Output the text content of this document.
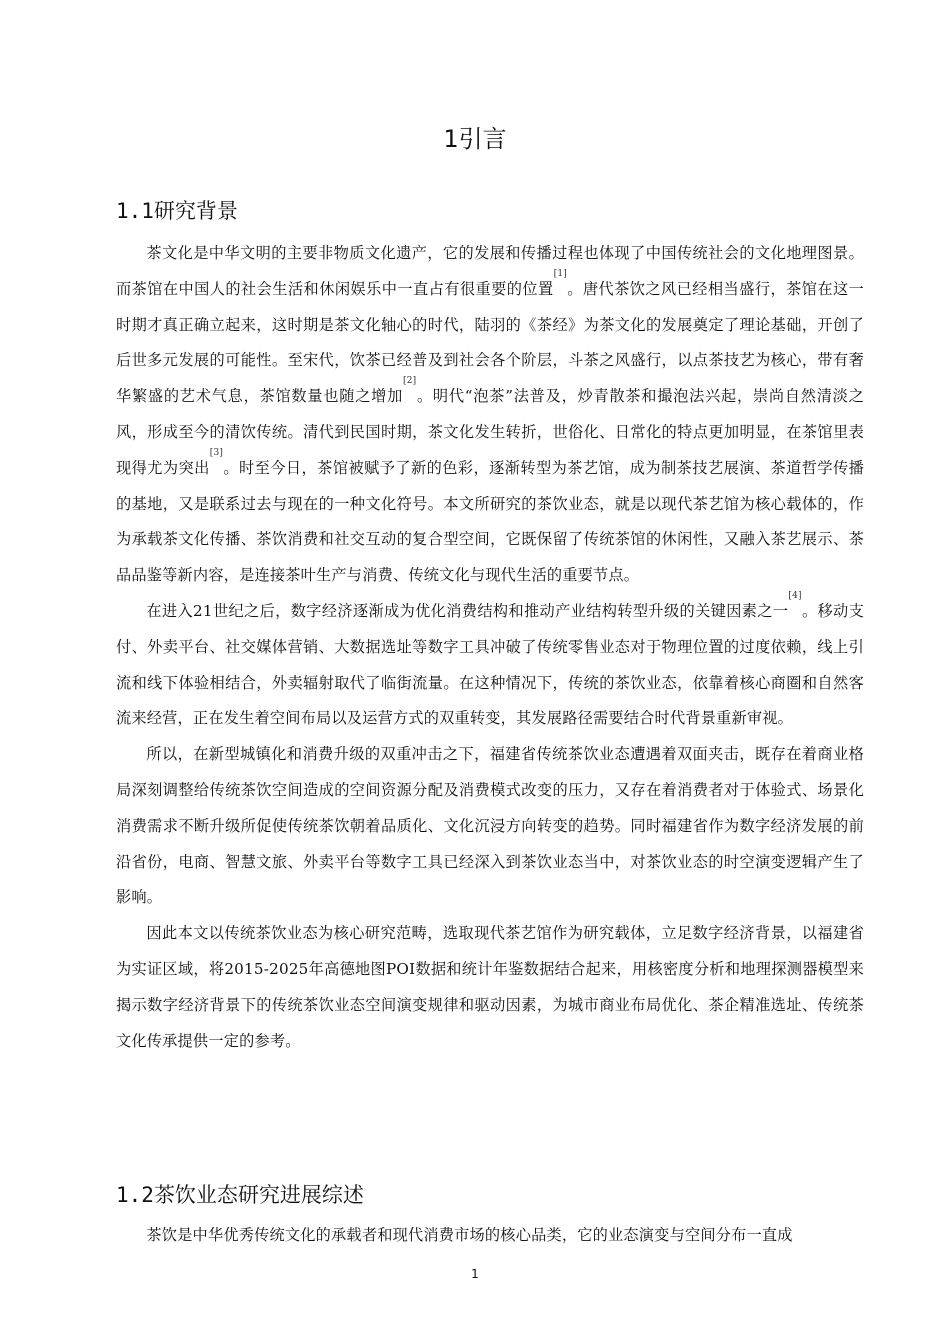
1引言
1.1研究背景

茶文化是中华文明的主要非物质文化遗产，它的发展和传播过程也体现了中国传统社会的文化地理图景。而茶馆在中国人的社会生活和休闲娱乐中一直占有很重要的位置[1]。唐代茶饮之风已经相当盛行，茶馆在这一时期才真正确立起来，这时期是茶文化轴心的时代，陆羽的《茶经》为茶文化的发展奠定了理论基础，开创了后世多元发展的可能性。至宋代，饮茶已经普及到社会各个阶层，斗茶之风盛行，以点茶技艺为核心，带有奢华繁盛的艺术气息，茶馆数量也随之增加[2]。明代“泡茶”法普及，炒青散茶和撮泡法兴起，崇尚自然清淡之风，形成至今的清饮传统。清代到民国时期，茶文化发生转折，世俗化、日常化的特点更加明显，在茶馆里表现得尤为突出[3]。时至今日，茶馆被赋予了新的色彩，逐渐转型为茶艺馆，成为制茶技艺展演、茶道哲学传播的基地，又是联系过去与现在的一种文化符号。本文所研究的茶饮业态，就是以现代茶艺馆为核心载体的，作为承载茶文化传播、茶饮消费和社交互动的复合型空间，它既保留了传统茶馆的休闲性，又融入茶艺展示、茶品品鉴等新内容，是连接茶叶生产与消费、传统文化与现代生活的重要节点。

在进入21世纪之后，数字经济逐渐成为优化消费结构和推动产业结构转型升级的关键因素之一[4]。移动支付、外卖平台、社交媒体营销、大数据选址等数字工具冲破了传统零售业态对于物理位置的过度依赖，线上引流和线下体验相结合，外卖辐射取代了临街流量。在这种情况下，传统的茶饮业态，依靠着核心商圈和自然客流来经营，正在发生着空间布局以及运营方式的双重转变，其发展路径需要结合时代背景重新审视。

所以，在新型城镇化和消费升级的双重冲击之下，福建省传统茶饮业态遭遇着双面夹击，既存在着商业格局深刻调整给传统茶饮空间造成的空间资源分配及消费模式改变的压力，又存在着消费者对于体验式、场景化消费需求不断升级所促使传统茶饮朝着品质化、文化沉浸方向转变的趋势。同时福建省作为数字经济发展的前沿省份，电商、智慧文旅、外卖平台等数字工具已经深入到茶饮业态当中，对茶饮业态的时空演变逻辑产生了影响。

因此本文以传统茶饮业态为核心研究范畴，选取现代茶艺馆作为研究载体，立足数字经济背景，以福建省为实证区域，将2015-2025年高德地图POI数据和统计年鉴数据结合起来，用核密度分析和地理探测器模型来揭示数字经济背景下的传统茶饮业态空间演变规律和驱动因素，为城市商业布局优化、茶企精准选址、传统茶文化传承提供一定的参考。

1.2茶饮业态研究进展综述

茶饮是中华优秀传统文化的承载者和现代消费市场的核心品类，它的业态演变与空间分布一直成

1
